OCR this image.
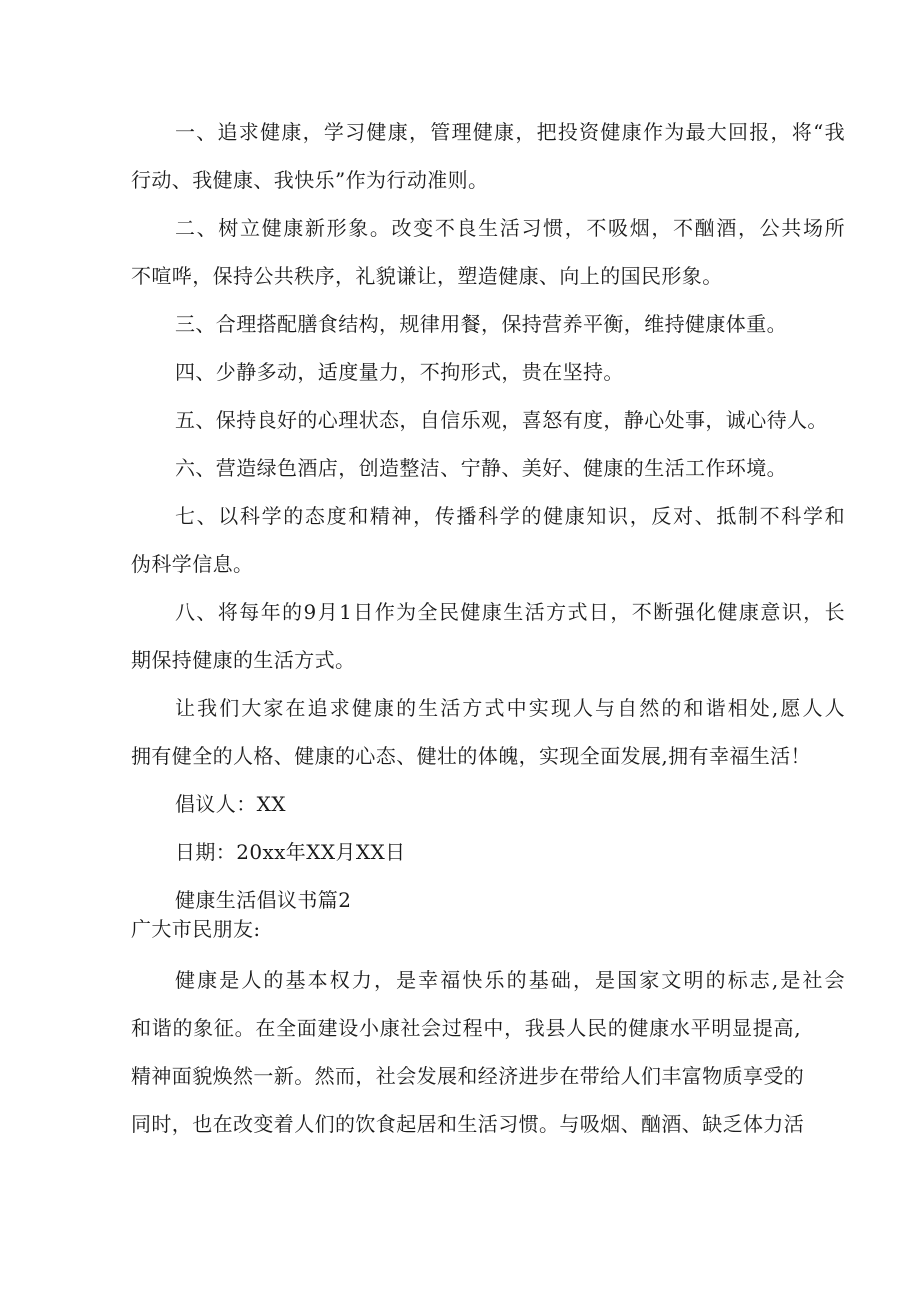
一、追求健康，学习健康，管理健康，把投资健康作为最大回报，将“我
行动、我健康、我快乐”作为行动准则。
二、树立健康新形象。改变不良生活习惯，不吸烟，不酗酒，公共场所
不喧哗，保持公共秩序，礼貌谦让，塑造健康、向上的国民形象。
三、合理搭配膳食结构，规律用餐，保持营养平衡，维持健康体重。
四、少静多动，适度量力，不拘形式，贵在坚持。
五、保持良好的心理状态，自信乐观，喜怒有度，静心处事，诚心待人。
六、营造绿色酒店，创造整洁、宁静、美好、健康的生活工作环境。
七、以科学的态度和精神，传播科学的健康知识，反对、抵制不科学和
伪科学信息。
八、将每年的9月1日作为全民健康生活方式日，不断强化健康意识，长
期保持健康的生活方式。
让我们大家在追求健康的生活方式中实现人与自然的和谐相处,愿人人
拥有健全的人格、健康的心态、健壮的体魄，实现全面发展,拥有幸福生活！
倡议人：XX
日期：20xx年XX月XX日
健康生活倡议书篇2
广大市民朋友:
健康是人的基本权力，是幸福快乐的基础，是国家文明的标志,是社会
和谐的象征。在全面建设小康社会过程中，我县人民的健康水平明显提高,
精神面貌焕然一新。然而，社会发展和经济进步在带给人们丰富物质享受的
同时，也在改变着人们的饮食起居和生活习惯。与吸烟、酗酒、缺乏体力活
